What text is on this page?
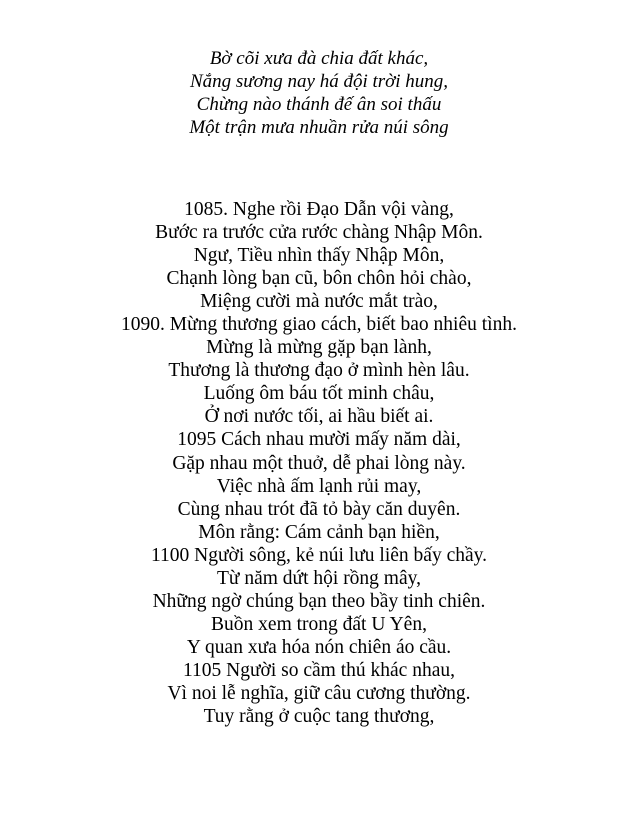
Bờ cõi xưa đà chia đất khác,
Nắng sương nay há đội trời hung,
Chừng nào thánh đế ân soi thấu
Một trận mưa nhuần rửa núi sông
1085. Nghe rồi Đạo Dẫn vội vàng,
Bước ra trước cửa rước chàng Nhập Môn.
Ngư, Tiều nhìn thấy Nhập Môn,
Chạnh lòng bạn cũ, bôn chôn hỏi chào,
Miệng cười mà nước mắt trào,
1090. Mừng thương giao cách, biết bao nhiêu tình.
Mừng là mừng gặp bạn lành,
Thương là thương đạo ở mình hèn lâu.
Luống ôm báu tốt minh châu,
Ở nơi nước tối, ai hầu biết ai.
1095 Cách nhau mười mấy năm dài,
Gặp nhau một thuở, dễ phai lòng này.
Việc nhà ấm lạnh rủi may,
Cùng nhau trót đã tỏ bày căn duyên.
Môn rằng: Cám cảnh bạn hiền,
1100 Người sông, kẻ núi lưu liên bấy chầy.
Từ năm dứt hội rồng mây,
Những ngờ chúng bạn theo bầy tinh chiên.
Buồn xem trong đất U Yên,
Y quan xưa hóa nón chiên áo cầu.
1105 Người so cầm thú khác nhau,
Vì noi lễ nghĩa, giữ câu cương thường.
Tuy rằng ở cuộc tang thương,
